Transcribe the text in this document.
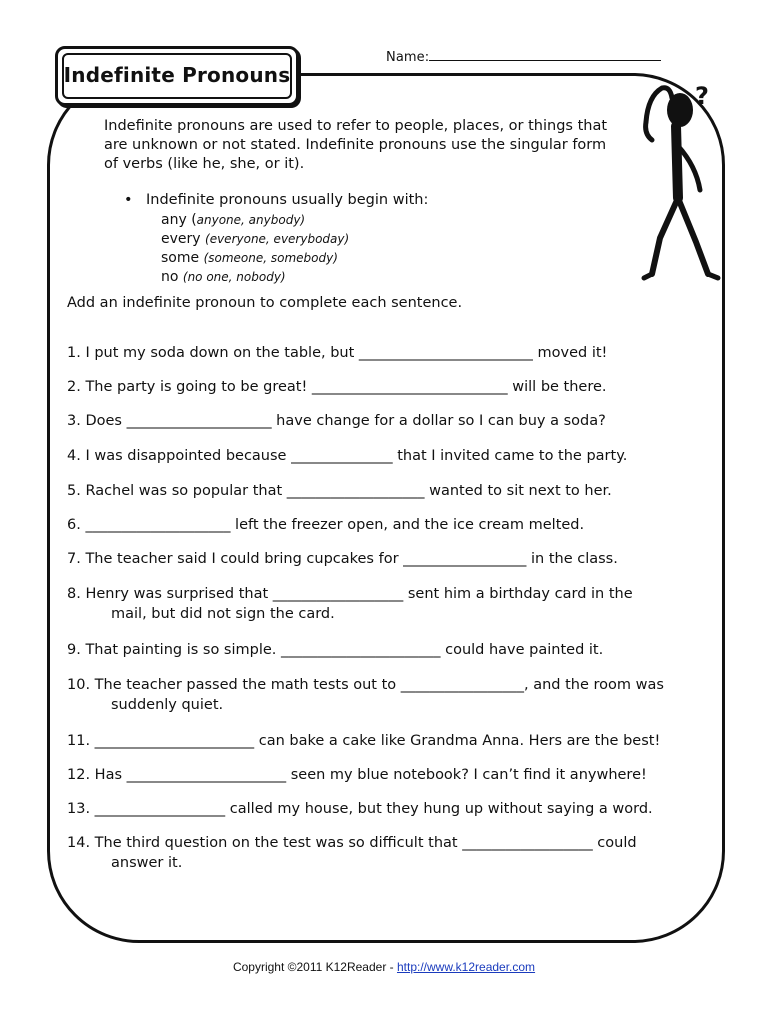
Name:
Indefinite Pronouns
?
Indefinite pronouns are used to refer to people, places, or things that are unknown or not stated. Indefinite pronouns use the singular form of verbs (like he, she, or it).
• Indefinite pronouns usually begin with:
any (anyone, anybody)
every (everyone, everyboday)
some (someone, somebody)
no (no one, nobody)
Add an indefinite pronoun to complete each sentence.
1. I put my soda down on the table, but ________________________ moved it!
2. The party is going to be great! ___________________________ will be there.
3. Does ____________________ have change for a dollar so I can buy a soda?
4. I was disappointed because ______________ that I invited came to the party.
5. Rachel was so popular that ___________________ wanted to sit next to her.
6. ____________________ left the freezer open, and the ice cream melted.
7. The teacher said I could bring cupcakes for _________________ in the class.
8. Henry was surprised that __________________ sent him a birthday card in the
mail, but did not sign the card.
9. That painting is so simple. ______________________ could have painted it.
10. The teacher passed the math tests out to _________________, and the room was
suddenly quiet.
11. ______________________ can bake a cake like Grandma Anna. Hers are the best!
12. Has ______________________ seen my blue notebook? I can’t find it anywhere!
13. __________________ called my house, but they hung up without saying a word.
14. The third question on the test was so difficult that __________________ could
answer it.
Copyright ©2011 K12Reader - http://www.k12reader.com
